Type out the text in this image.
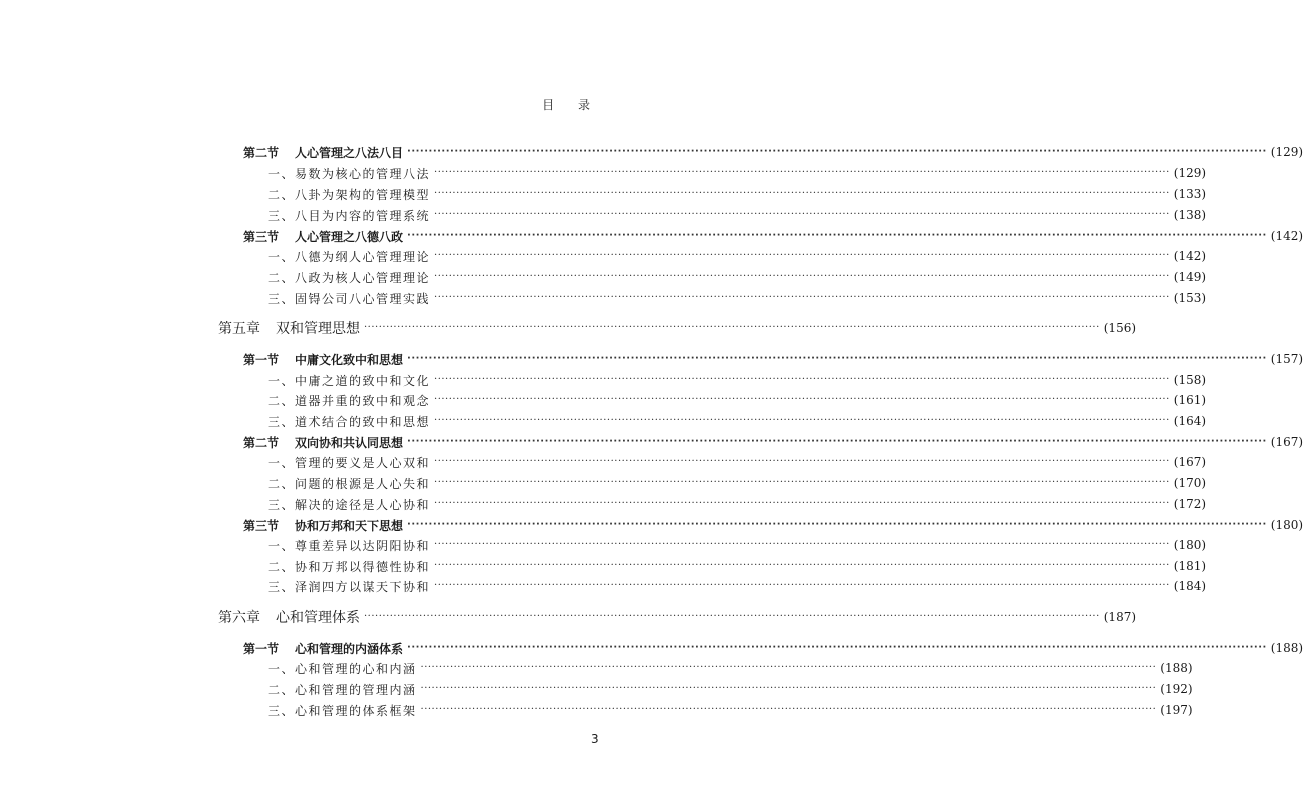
目 录
第二节 人心管理之八法八目 ········································································································································································································ (129)
一、易数为核心的管理八法 ········································································································································································································ (129)
二、八卦为架构的管理模型 ········································································································································································································ (133)
三、八目为内容的管理系统 ········································································································································································································ (138)
第三节 人心管理之八德八政 ········································································································································································································ (142)
一、八德为纲人心管理理论 ········································································································································································································ (142)
二、八政为核人心管理理论 ········································································································································································································ (149)
三、固锝公司八心管理实践 ········································································································································································································ (153)
第五章 双和管理思想 ········································································································································································································ (156)
第一节 中庸文化致中和思想 ········································································································································································································ (157)
一、中庸之道的致中和文化 ········································································································································································································ (158)
二、道器并重的致中和观念 ········································································································································································································ (161)
三、道术结合的致中和思想 ········································································································································································································ (164)
第二节 双向协和共认同思想 ········································································································································································································ (167)
一、管理的要义是人心双和 ········································································································································································································ (167)
二、问题的根源是人心失和 ········································································································································································································ (170)
三、解决的途径是人心协和 ········································································································································································································ (172)
第三节 协和万邦和天下思想 ········································································································································································································ (180)
一、尊重差异以达阴阳协和 ········································································································································································································ (180)
二、协和万邦以得德性协和 ········································································································································································································ (181)
三、泽润四方以谋天下协和 ········································································································································································································ (184)
第六章 心和管理体系 ········································································································································································································ (187)
第一节 心和管理的内涵体系 ········································································································································································································ (188)
一、心和管理的心和内涵 ········································································································································································································ (188)
二、心和管理的管理内涵 ········································································································································································································ (192)
三、心和管理的体系框架 ········································································································································································································ (197)
3
